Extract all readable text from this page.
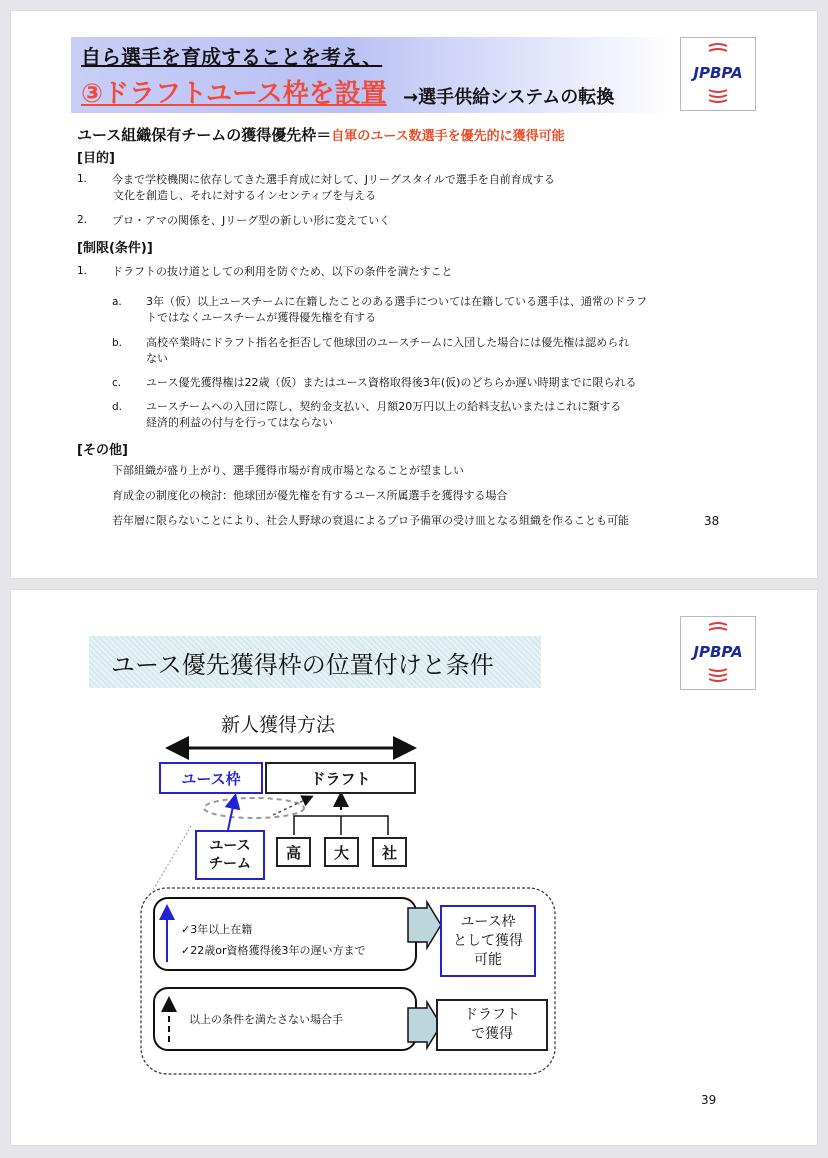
自ら選手を育成することを考え、
③ドラフトユース枠を設置 →選手供給システムの転換
JPBPA
ユース組織保有チームの獲得優先枠＝自軍のユース数選手を優先的に獲得可能
[目的]
1. 今まで学校機関に依存してきた選手育成に対して、Jリーグスタイルで選手を自前育成する
文化を創造し、それに対するインセンティブを与える
2. プロ・アマの関係を、Jリーグ型の新しい形に変えていく
[制限(条件)]
1. ドラフトの抜け道としての利用を防ぐため、以下の条件を満たすこと
a. 3年（仮）以上ユースチームに在籍したことのある選手については在籍している選手は、通常のドラフ
トではなくユースチームが獲得優先権を有する
b. 高校卒業時にドラフト指名を拒否して他球団のユースチームに入団した場合には優先権は認められ
ない
c. ユース優先獲得権は22歳（仮）またはユース資格取得後3年(仮)のどちらか遅い時期までに限られる
d. ユースチームへの入団に際し、契約金支払い、月額20万円以上の給料支払いまたはこれに類する
経済的利益の付与を行ってはならない
[その他]
下部組織が盛り上がり、選手獲得市場が育成市場となることが望ましい
育成金の制度化の検討：他球団が優先権を有するユース所属選手を獲得する場合
若年層に限らないことにより、社会人野球の衰退によるプロ予備軍の受け皿となる組織を作ることも可能	38
ユース優先獲得枠の位置付けと条件	JPBPA
新人獲得方法
ユース枠	ドラフト
ユース
チーム
高	大	社
✓3年以上在籍
✓22歳or資格獲得後3年の遅い方まで
以上の条件を満たさない場合手
ユース枠
として獲得
可能
ドラフト
で獲得
39
